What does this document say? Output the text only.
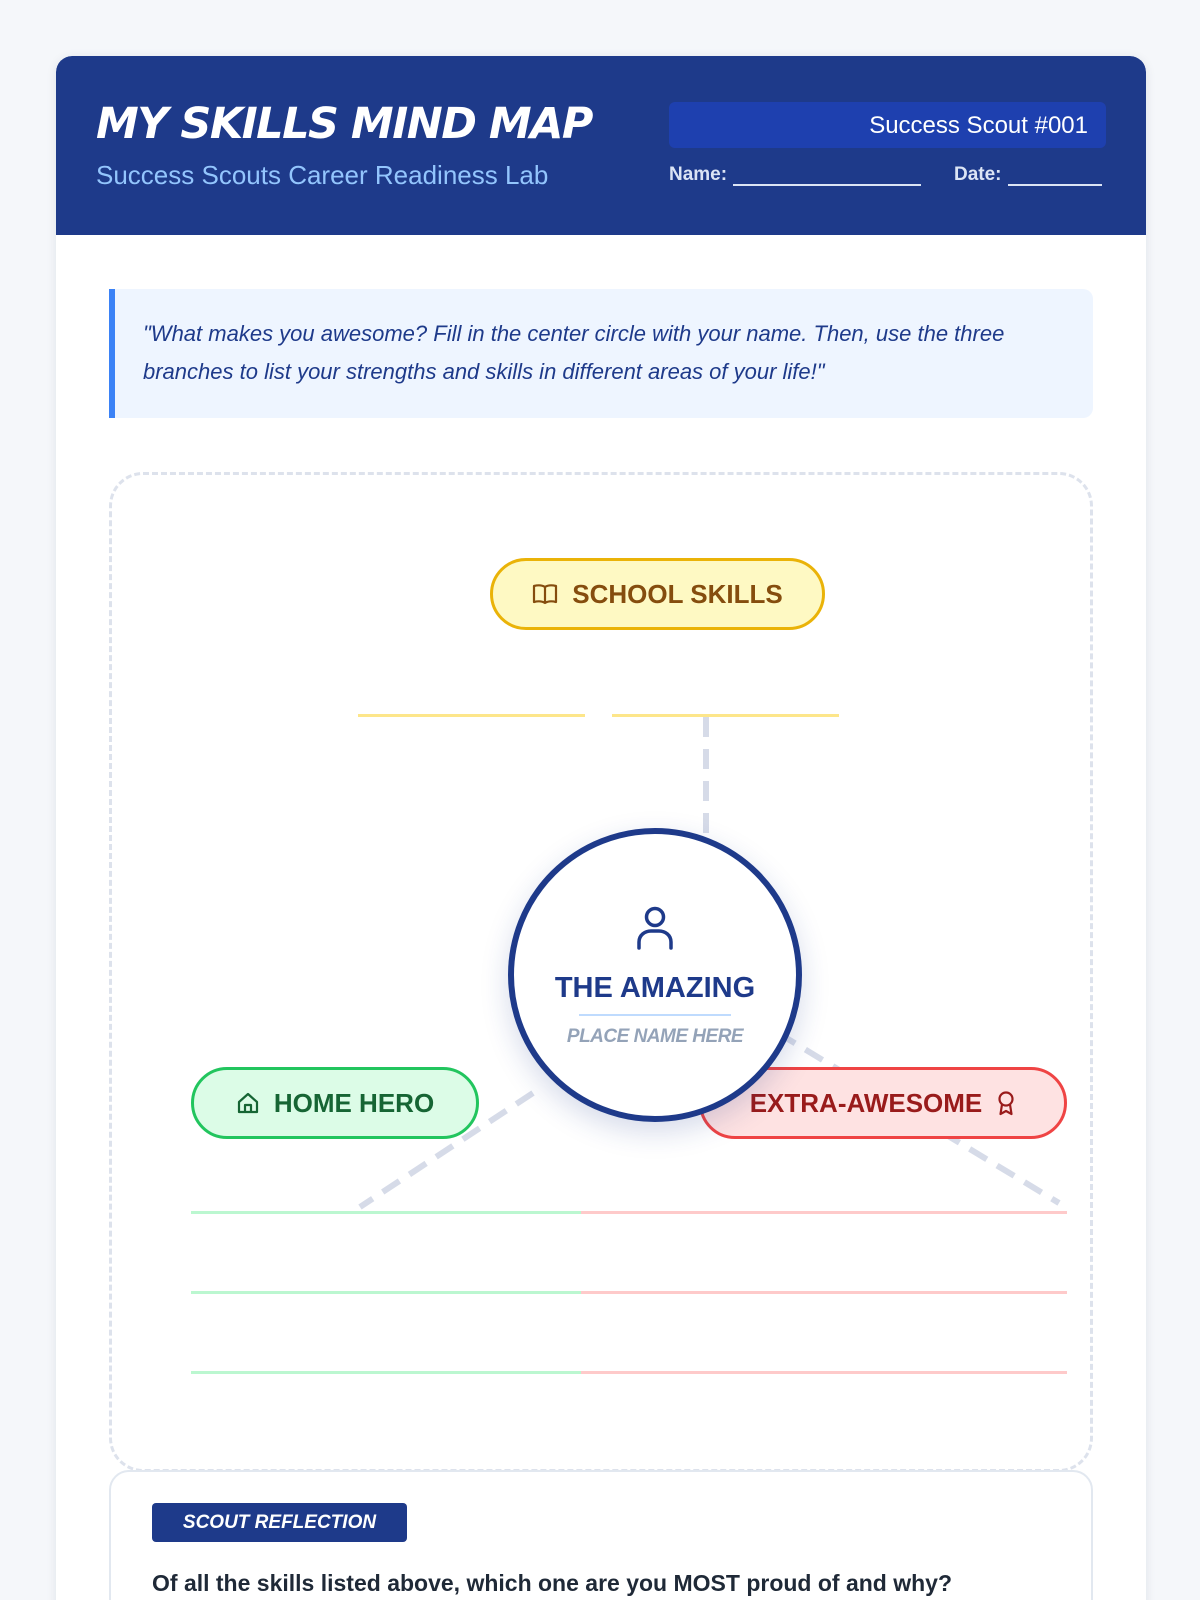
MY SKILLS MIND MAP
Success Scouts Career Readiness Lab
Success Scout #001
Name:	Date:

"What makes you awesome? Fill in the center circle with your name. Then, use the three branches to list your strengths and skills in different areas of your life!"

SCHOOL SKILLS
HOME HERO	EXTRA-AWESOME
THE AMAZING
PLACE NAME HERE
SCOUT REFLECTION
Of all the skills listed above, which one are you MOST proud of and why?
